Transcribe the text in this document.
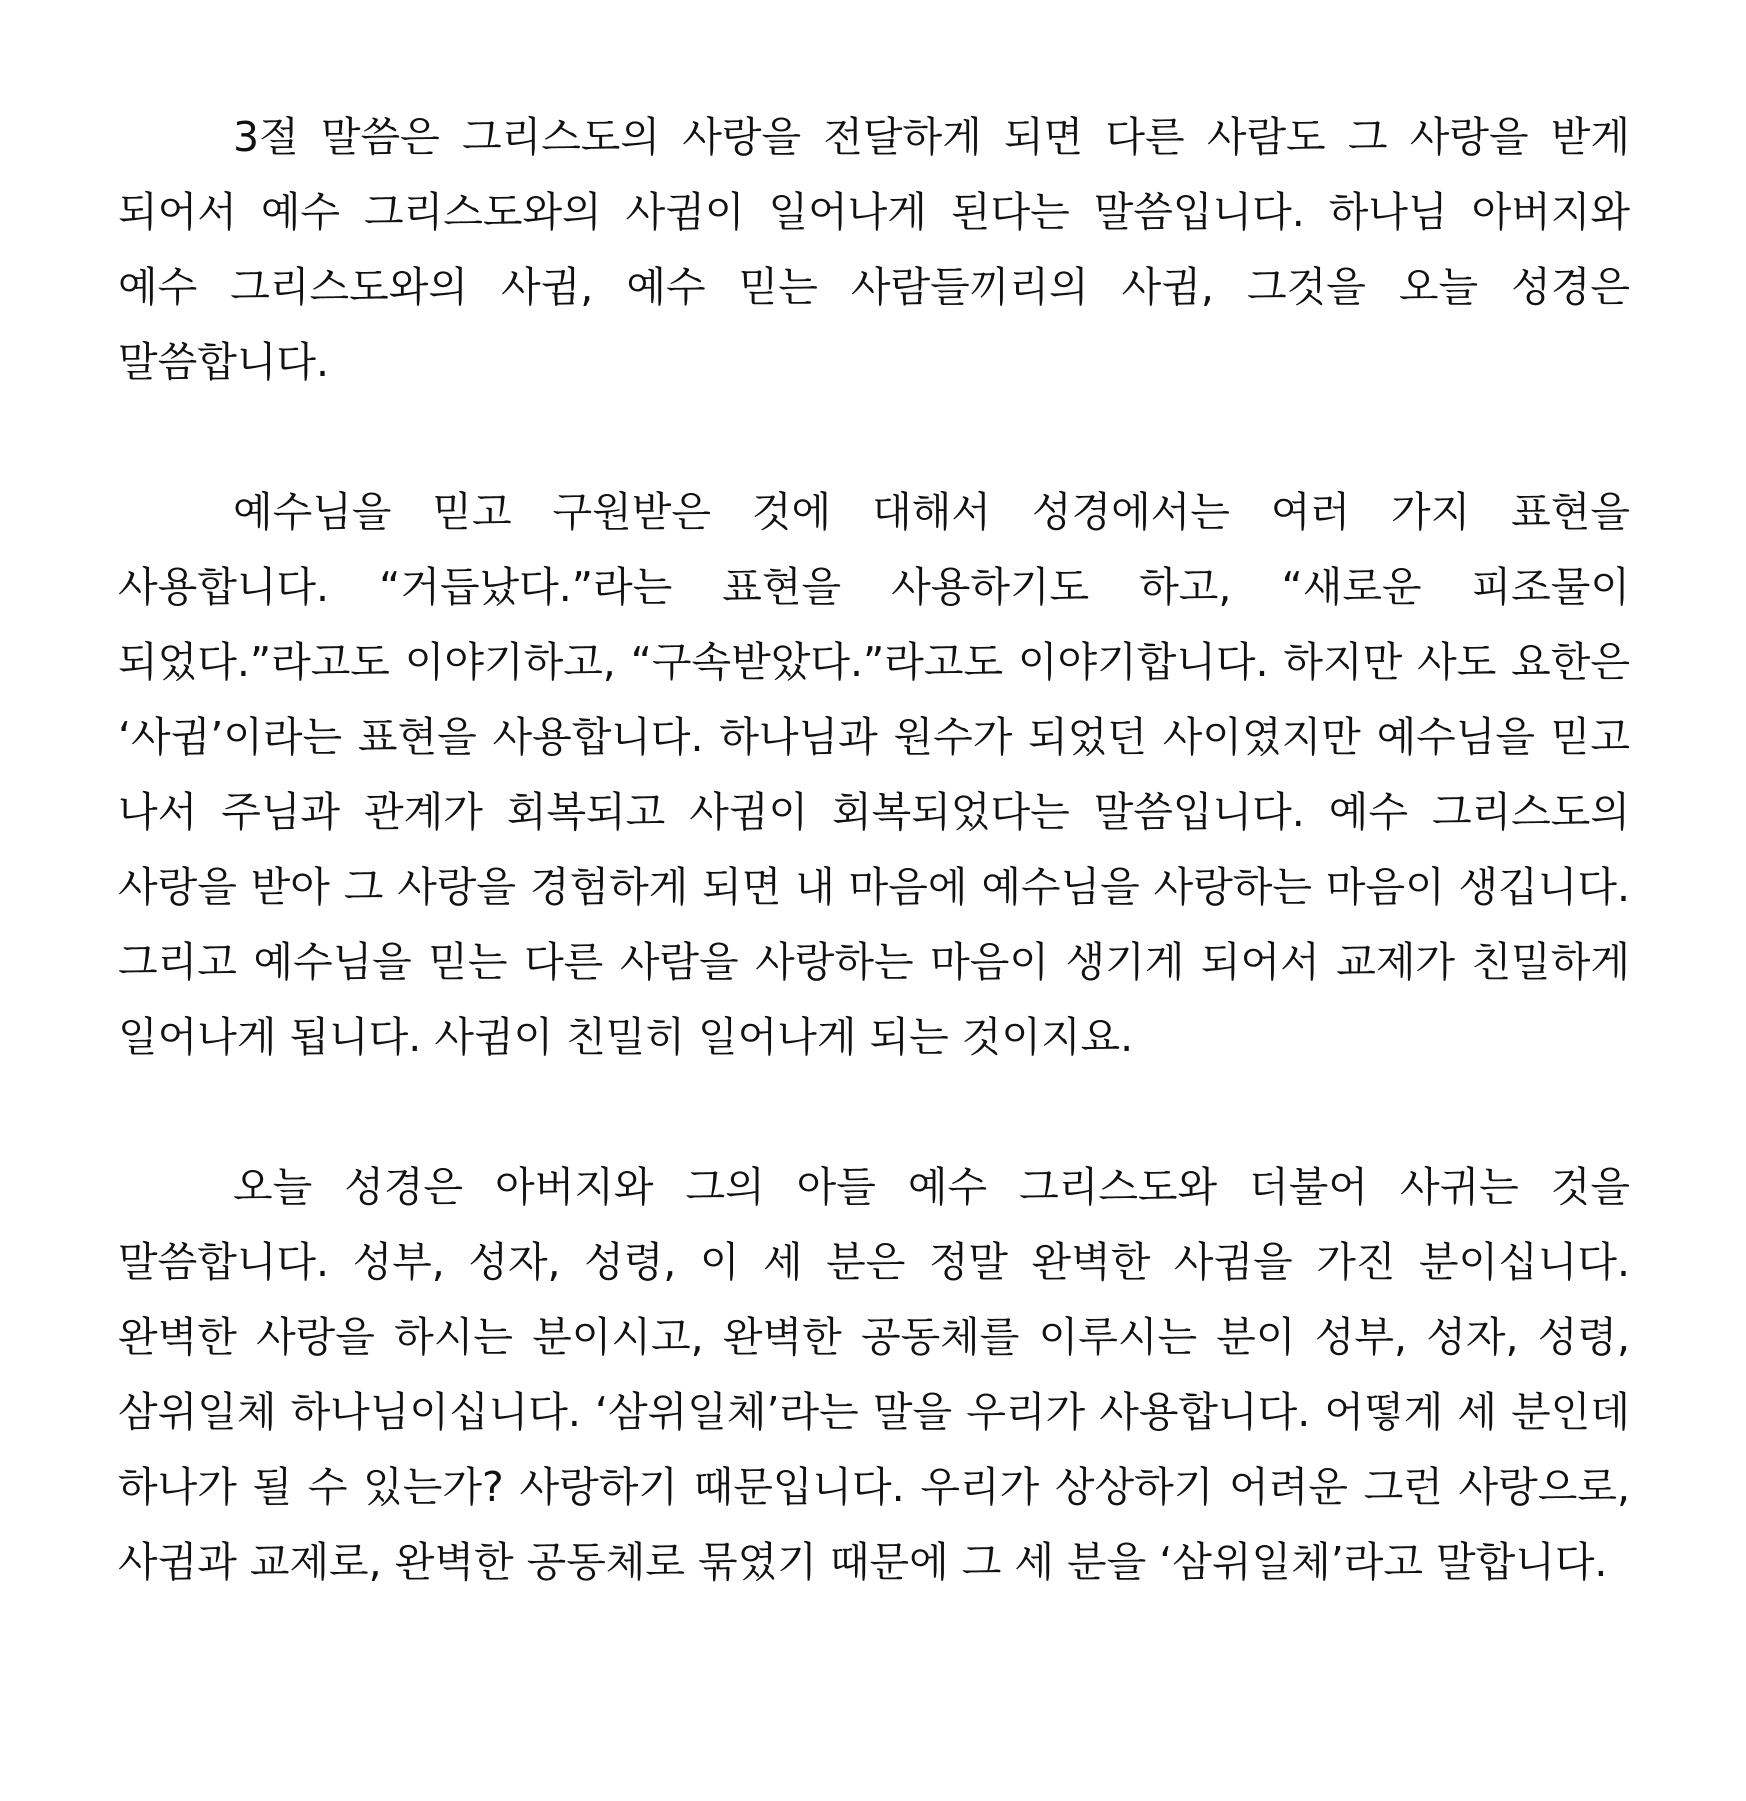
3절 말씀은 그리스도의 사랑을 전달하게 되면 다른 사람도 그 사랑을 받게 되어서 예수 그리스도와의 사귐이 일어나게 된다는 말씀입니다. 하나님 아버지와 예수 그리스도와의 사귐, 예수 믿는 사람들끼리의 사귐, 그것을 오늘 성경은 말씀합니다.

예수님을 믿고 구원받은 것에 대해서 성경에서는 여러 가지 표현을 사용합니다. “거듭났다.”라는 표현을 사용하기도 하고, “새로운 피조물이 되었다.”라고도 이야기하고, “구속받았다.”라고도 이야기합니다. 하지만 사도 요한은 ‘사귐’이라는 표현을 사용합니다. 하나님과 원수가 되었던 사이였지만 예수님을 믿고 나서 주님과 관계가 회복되고 사귐이 회복되었다는 말씀입니다. 예수 그리스도의 사랑을 받아 그 사랑을 경험하게 되면 내 마음에 예수님을 사랑하는 마음이 생깁니다. 그리고 예수님을 믿는 다른 사람을 사랑하는 마음이 생기게 되어서 교제가 친밀하게 일어나게 됩니다. 사귐이 친밀히 일어나게 되는 것이지요.

오늘 성경은 아버지와 그의 아들 예수 그리스도와 더불어 사귀는 것을 말씀합니다. 성부, 성자, 성령, 이 세 분은 정말 완벽한 사귐을 가진 분이십니다. 완벽한 사랑을 하시는 분이시고, 완벽한 공동체를 이루시는 분이 성부, 성자, 성령, 삼위일체 하나님이십니다. ‘삼위일체’라는 말을 우리가 사용합니다. 어떻게 세 분인데 하나가 될 수 있는가? 사랑하기 때문입니다. 우리가 상상하기 어려운 그런 사랑으로, 사귐과 교제로, 완벽한 공동체로 묶였기 때문에 그 세 분을 ‘삼위일체’라고 말합니다.
